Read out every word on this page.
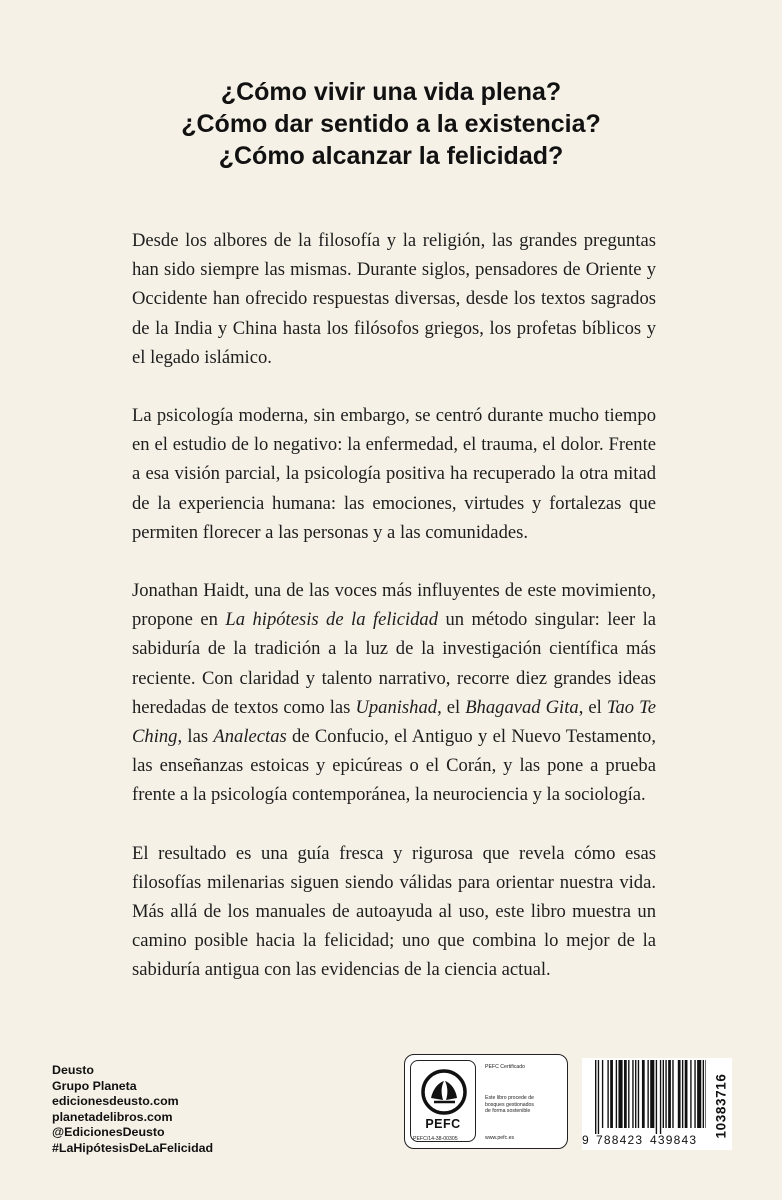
¿Cómo vivir una vida plena?
¿Cómo dar sentido a la existencia?
¿Cómo alcanzar la felicidad?

Desde los albores de la filosofía y la religión, las grandes preguntas han sido siempre las mismas. Durante siglos, pensadores de Oriente y Occidente han ofrecido respuestas diversas, desde los textos sagrados de la India y China hasta los filósofos griegos, los profetas bíblicos y el legado islámico.

La psicología moderna, sin embargo, se centró durante mucho tiempo en el estudio de lo negativo: la enfermedad, el trauma, el dolor. Frente a esa visión parcial, la psicología positiva ha recuperado la otra mitad de la experiencia humana: las emociones, virtudes y fortalezas que permiten florecer a las personas y a las comunidades.

Jonathan Haidt, una de las voces más influyentes de este movimiento, propone en La hipótesis de la felicidad un método singular: leer la sabiduría de la tradición a la luz de la investigación científica más reciente. Con claridad y talento narrativo, recorre diez grandes ideas heredadas de textos como las Upanishad, el Bhagavad Gita, el Tao Te Ching, las Analectas de Confucio, el Antiguo y el Nuevo Testamento, las enseñanzas estoicas y epicúreas o el Corán, y las pone a prueba frente a la psicología contemporánea, la neurociencia y la sociología.

El resultado es una guía fresca y rigurosa que revela cómo esas filosofías milenarias siguen siendo válidas para orientar nuestra vida. Más allá de los manuales de autoayuda al uso, este libro muestra un camino posible hacia la felicidad; uno que combina lo mejor de la sabiduría antigua con las evidencias de la ciencia actual.

Deusto
Grupo Planeta
edicionesdeusto.com
planetadelibros.com
@EdicionesDeusto
#LaHipótesisDeLaFelicidad
PEFC
PEFC/14-38-00305
PEFC Certificado
Este libro procede de
bosques gestionados
de forma sostenible
www.pefc.es	9 788423 439843
10383716
